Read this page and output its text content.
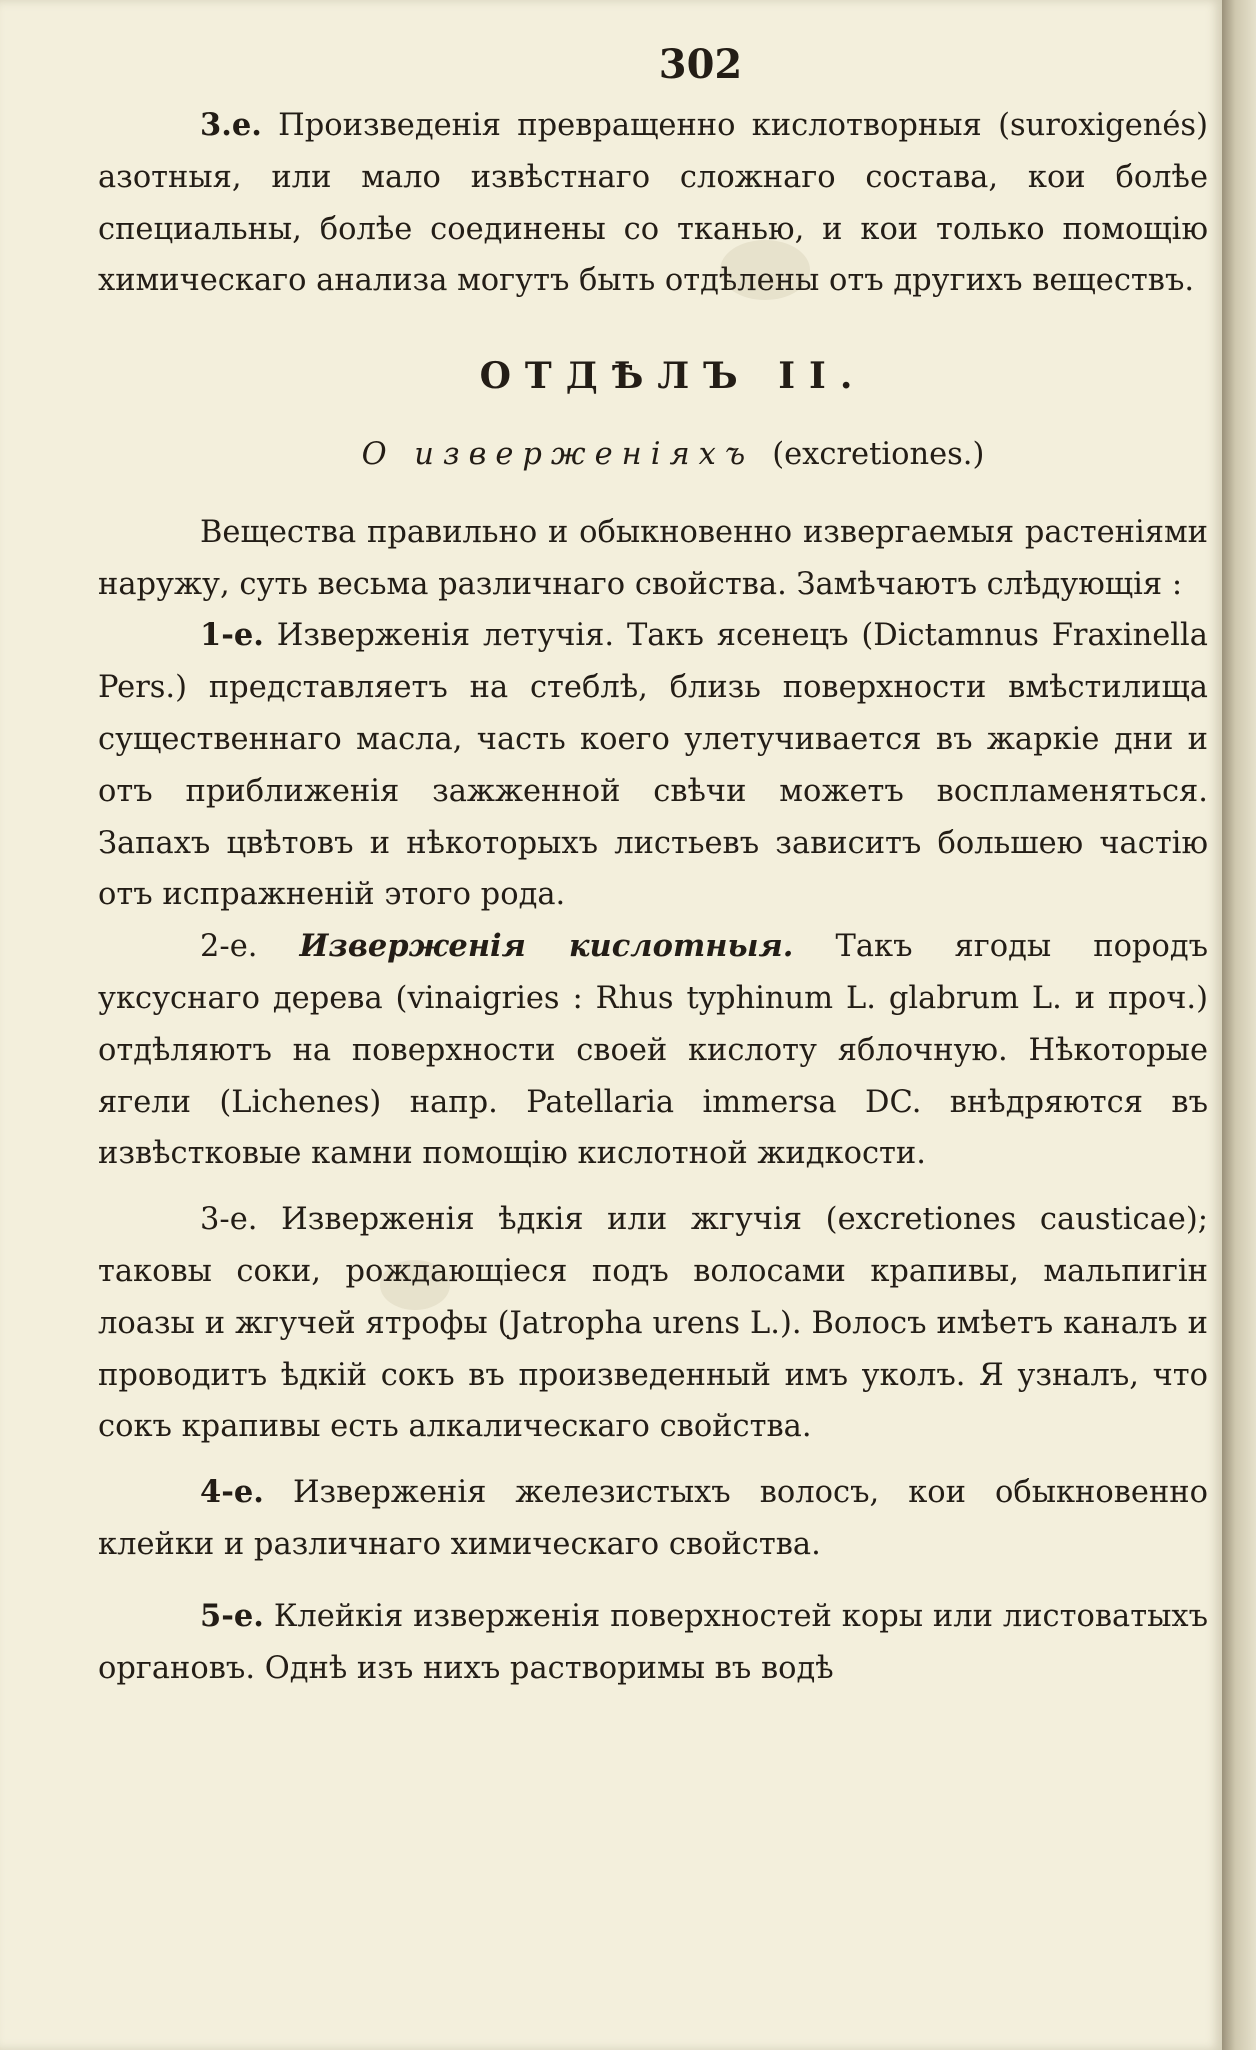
302

3.е. Произведенія превращенно кислотворныя (suroxigenés) азотныя, или мало извѣстнаго сложнаго состава, кои болѣе специальны, болѣе соединены со тканью, и кои только помощію химическаго анализа могутъ быть отдѣлены отъ другихъ веществъ.

ОТДѢЛЪ II.
О изверженіяхъ (excretiones.)

Вещества правильно и обыкновенно извергаемыя растеніями наружу, суть весьма различнаго свойства. Замѣчаютъ слѣдующія :

1-е. Изверженія летучія. Такъ ясенецъ (Dictamnus Fraxinella Pers.) представляетъ на стеблѣ, близь поверхности вмѣстилища существеннаго масла, часть коего улетучивается въ жаркіе дни и отъ приближенія зажженной свѣчи можетъ воспламеняться. Запахъ цвѣтовъ и нѣкоторыхъ листьевъ зависитъ большею частію отъ испражненій этого рода.

2-е. Изверженія кислотныя. Такъ ягоды породъ уксуснаго дерева (vinaigries : Rhus typhinum L. glabrum L. и проч.) отдѣляютъ на поверхности своей кислоту яблочную. Нѣкоторые ягели (Lichenes) напр. Patellaria immersa DC. внѣдряются въ извѣстковые камни помощію кислотной жидкости.

3-е. Изверженія ѣдкія или жгучія (excretiones causticae); таковы соки, рождающіеся подъ волосами крапивы, мальпигін лоазы и жгучей ятрофы (Jatropha urens L.). Волосъ имѣетъ каналъ и проводитъ ѣдкій сокъ въ произведенный имъ уколъ. Я узналъ, что сокъ крапивы есть алкалическаго свойства.

4-е. Изверженія железистыхъ волосъ, кои обыкновенно клейки и различнаго химическаго свойства.

5-е. Клейкія изверженія поверхностей коры или листоватыхъ органовъ. Однѣ изъ нихъ растворимы въ водѣ
